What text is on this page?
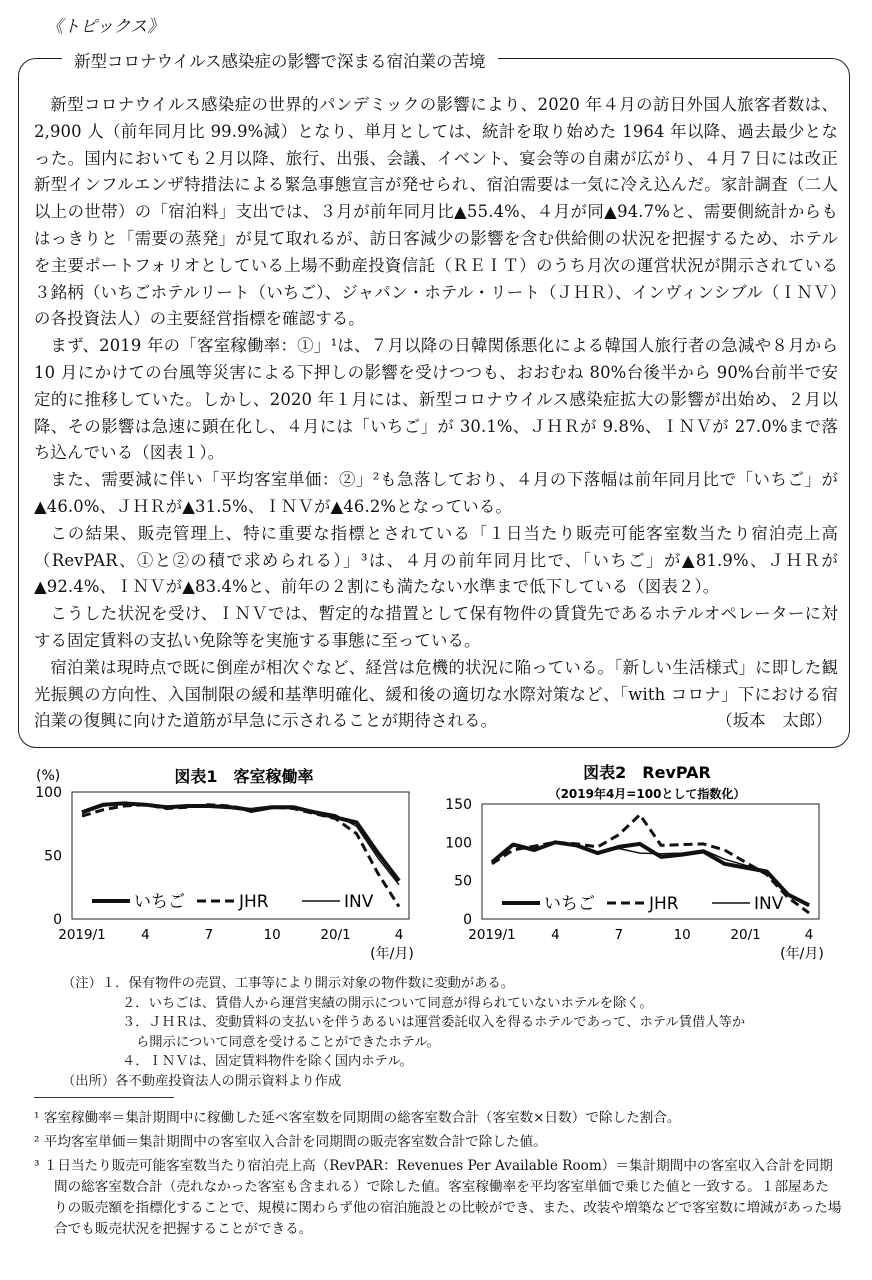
《トピックス》
新型コロナウイルス感染症の影響で深まる宿泊業の苦境

新型コロナウイルス感染症の世界的パンデミックの影響により、2020 年４月の訪日外国人旅客者数は、2,900 人（前年同月比 99.9%減）となり、単月としては、統計を取り始めた 1964 年以降、過去最少となった。国内においても２月以降、旅行、出張、会議、イベント、宴会等の自粛が広がり、４月７日には改正新型インフルエンザ特措法による緊急事態宣言が発せられ、宿泊需要は一気に冷え込んだ。家計調査（二人以上の世帯）の「宿泊料」支出では、３月が前年同月比▲55.4%、４月が同▲94.7%と、需要側統計からもはっきりと「需要の蒸発」が見て取れるが、訪日客減少の影響を含む供給側の状況を把握するため、ホテルを主要ポートフォリオとしている上場不動産投資信託（ＲＥＩＴ）のうち月次の運営状況が開示されている３銘柄（いちごホテルリート（いちご）、ジャパン・ホテル・リート（ＪＨＲ）、インヴィンシブル（ＩＮＶ）の各投資法人）の主要経営指標を確認する。

まず、2019 年の「客室稼働率：①」¹は、７月以降の日韓関係悪化による韓国人旅行者の急減や８月から 10 月にかけての台風等災害による下押しの影響を受けつつも、おおむね 80%台後半から 90%台前半で安定的に推移していた。しかし、2020 年１月には、新型コロナウイルス感染症拡大の影響が出始め、２月以降、その影響は急速に顕在化し、４月には「いちご」が 30.1%、ＪＨＲが 9.8%、ＩＮＶが 27.0%まで落ち込んでいる（図表１）。

また、需要減に伴い「平均客室単価：②」²も急落しており、４月の下落幅は前年同月比で「いちご」が▲46.0%、ＪＨＲが▲31.5%、ＩＮＶが▲46.2%となっている。

この結果、販売管理上、特に重要な指標とされている「１日当たり販売可能客室数当たり宿泊売上高（RevPAR、①と②の積で求められる）」³は、４月の前年同月比で、「いちご」が▲81.9%、ＪＨＲが▲92.4%、ＩＮＶが▲83.4%と、前年の２割にも満たない水準まで低下している（図表２）。

こうした状況を受け、ＩＮＶでは、暫定的な措置として保有物件の賃貸先であるホテルオペレーターに対する固定賃料の支払い免除等を実施する事態に至っている。

宿泊業は現時点で既に倒産が相次ぐなど、経営は危機的状況に陥っている。「新しい生活様式」に即した観光振興の方向性、入国制限の緩和基準明確化、緩和後の適切な水際対策など、「with コロナ」下における宿泊業の復興に向けた道筋が早急に示されることが期待される。	（坂本　太郎）

図表1　客室稼働率
(%)
(年/月)
0
50
100
2019/1	4	7	10	20/1	4
いちご	JHR	INV
図表2　RevPAR
（2019年4月=100として指数化）
(年/月)
0
50
100
150
2019/1	4	7	10	20/1	4
いちご	JHR	INV
（注）１．保有物件の売買、工事等により開示対象の物件数に変動がある。
２．いちごは、賃借人から運営実績の開示について同意が得られていないホテルを除く。
３．ＪＨＲは、変動賃料の支払いを伴うあるいは運営委託収入を得るホテルであって、ホテル賃借人等か
ら開示について同意を受けることができたホテル。
４．ＩＮＶは、固定賃料物件を除く国内ホテル。
（出所）各不動産投資法人の開示資料より作成
¹ 客室稼働率＝集計期間中に稼働した延べ客室数を同期間の総客室数合計（客室数×日数）で除した割合。
² 平均客室単価＝集計期間中の客室収入合計を同期間の販売客室数合計で除した値。
³ １日当たり販売可能客室数当たり宿泊売上高（RevPAR：Revenues Per Available Room）＝集計期間中の客室収入合計を同期間の総客室数合計（売れなかった客室も含まれる）で除した値。客室稼働率を平均客室単価で乗じた値と一致する。１部屋あたりの販売額を指標化することで、規模に関わらず他の宿泊施設との比較ができ、また、改装や増築などで客室数に増減があった場合でも販売状況を把握することができる。
